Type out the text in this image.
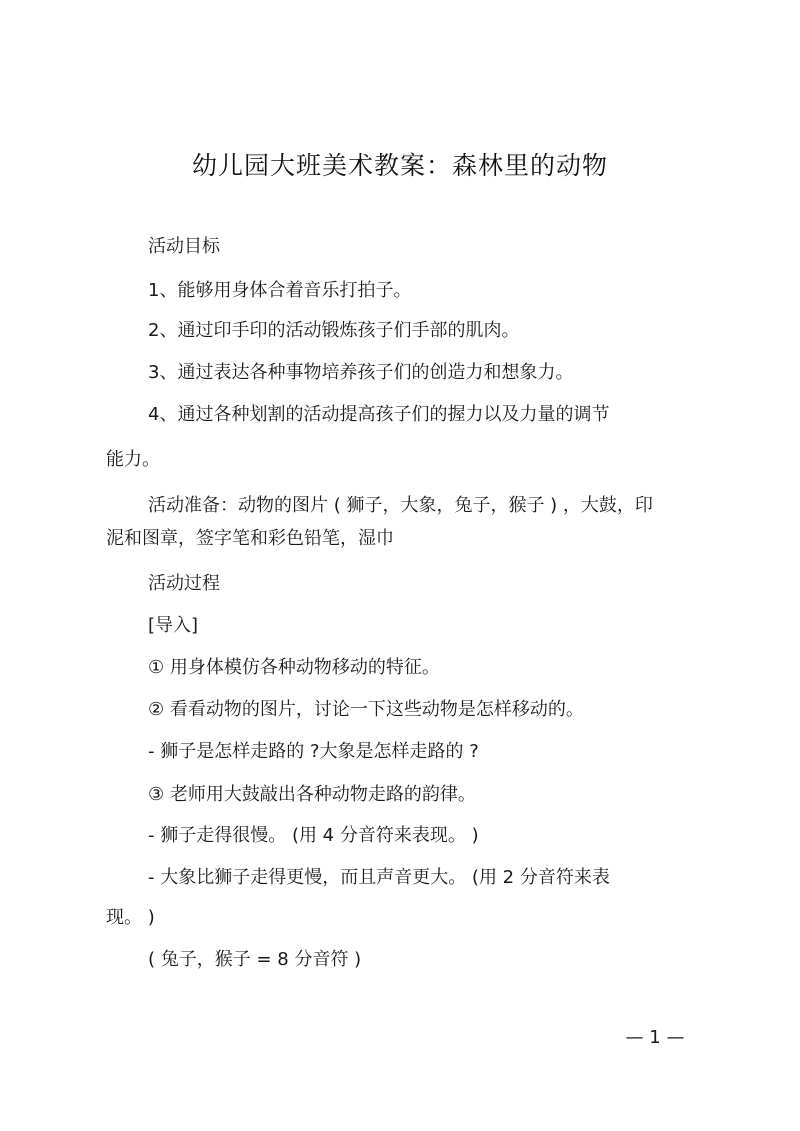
幼儿园大班美术教案：森林里的动物
活动目标
1、能够用身体合着音乐打拍子。
2、通过印手印的活动锻炼孩子们手部的肌肉。
3、通过表达各种事物培养孩子们的创造力和想象力。
4、通过各种划割的活动提高孩子们的握力以及力量的调节
能力。
活动准备：动物的图片 ( 狮子，大象，兔子，猴子 ) ，大鼓，印
泥和图章，签字笔和彩色铅笔，湿巾
活动过程
[导入]
① 用身体模仿各种动物移动的特征。
② 看看动物的图片，讨论一下这些动物是怎样移动的。
- 狮子是怎样走路的 ?大象是怎样走路的 ?
③ 老师用大鼓敲出各种动物走路的韵律。
- 狮子走得很慢。 (用 4 分音符来表现。 )
- 大象比狮子走得更慢，而且声音更大。 (用 2 分音符来表
现。 )
( 兔子，猴子 = 8 分音符 )
— 1 —
